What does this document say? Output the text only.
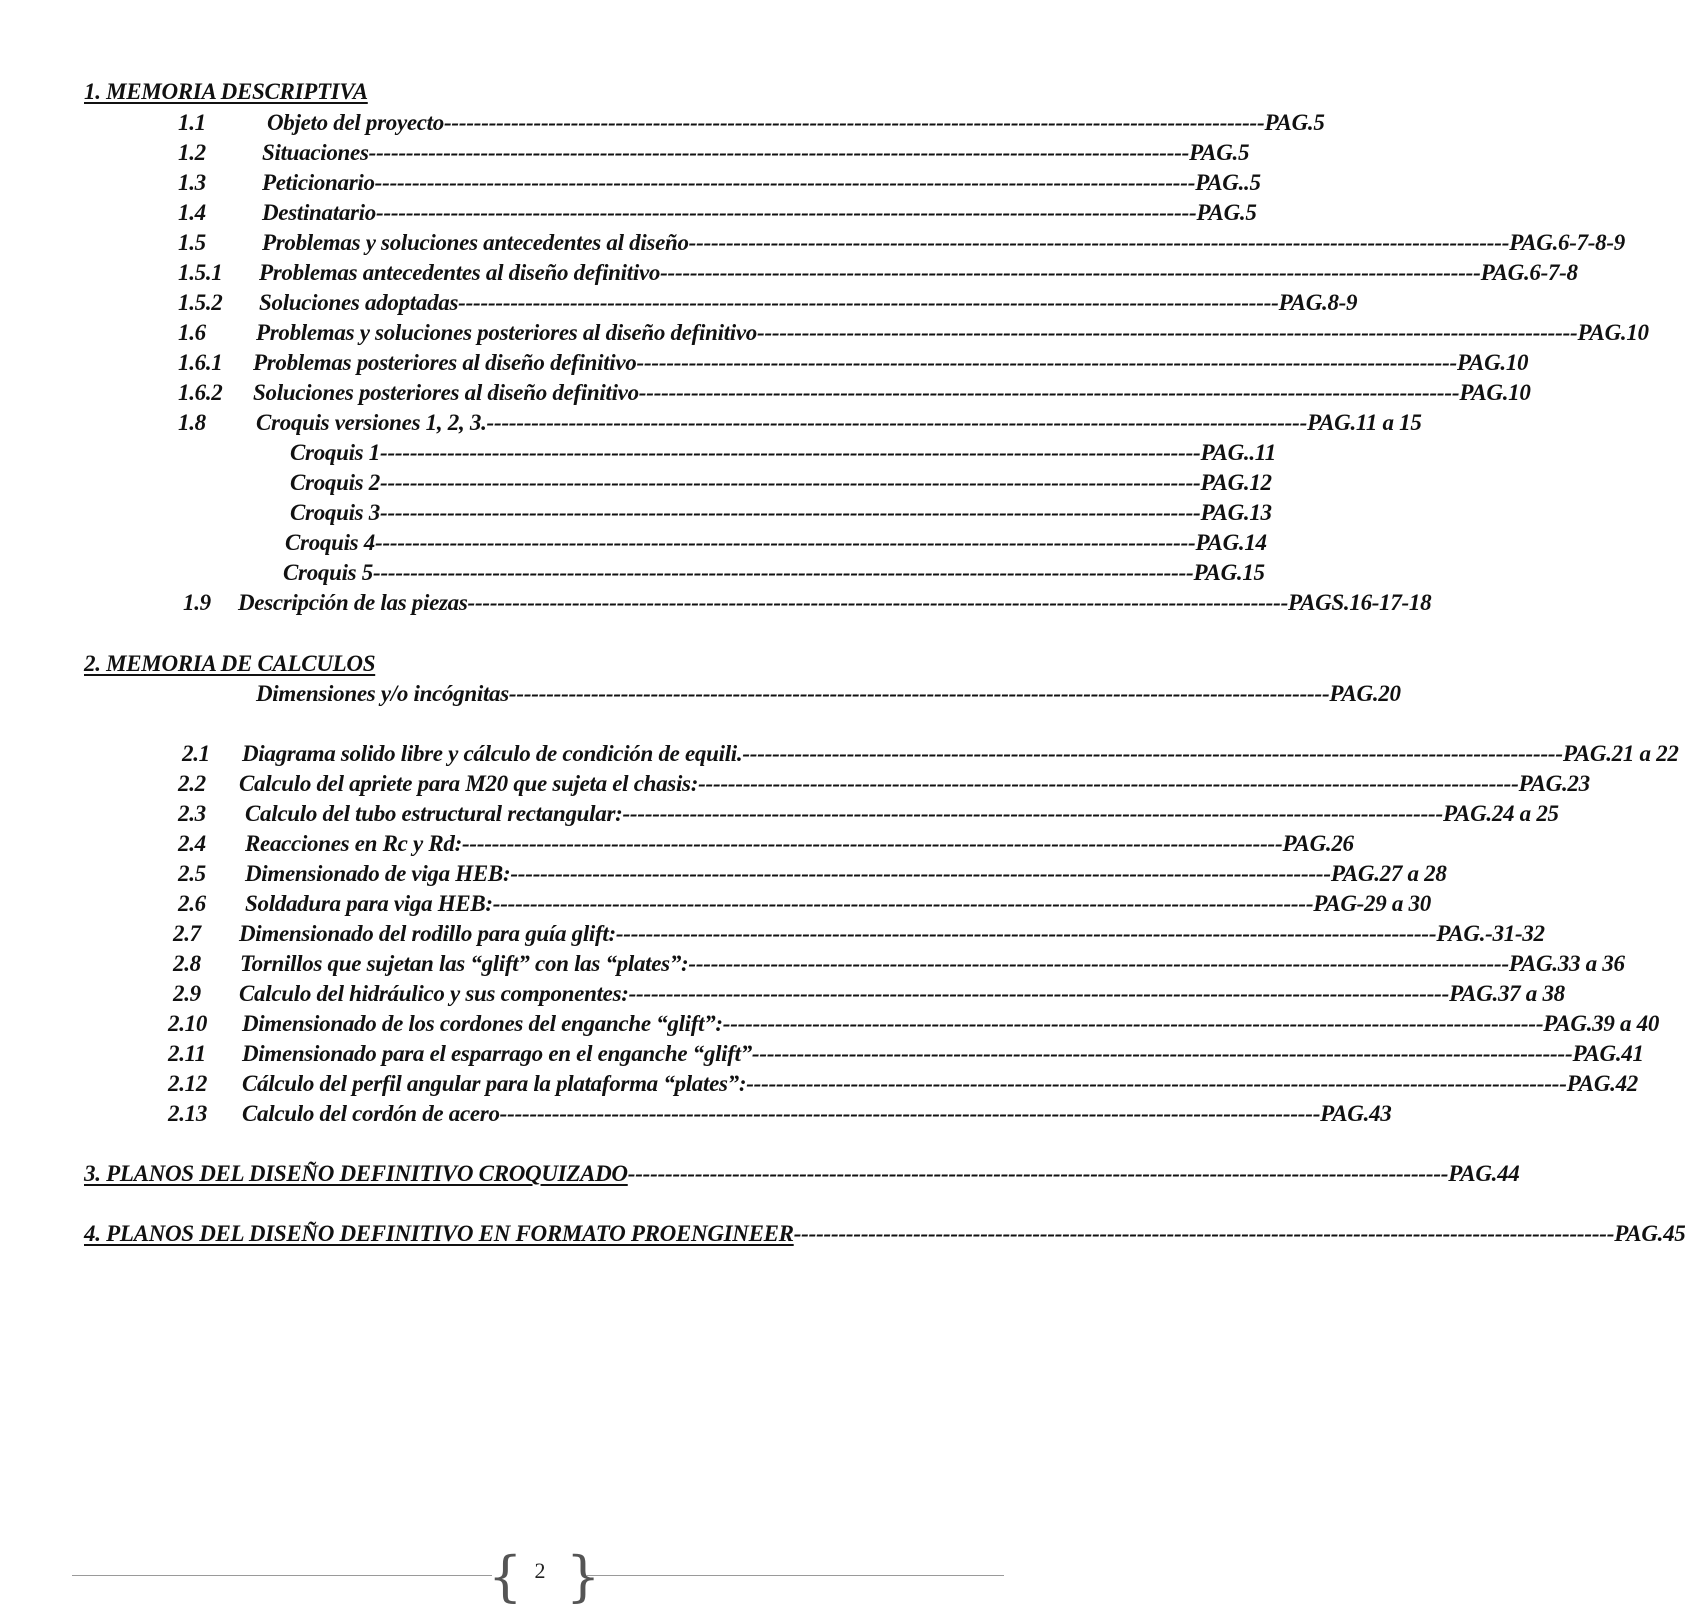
1. MEMORIA DESCRIPTIVA
1.1	Objeto del proyecto -------------------------------------------------------------------------------------------------------------- PAG.5
1.2 Situaciones -------------------------------------------------------------------------------------------------------------- PAG.5
1.3 Peticionario -------------------------------------------------------------------------------------------------------------- PAG..5
1.4 Destinatario -------------------------------------------------------------------------------------------------------------- PAG.5
1.5 Problemas y soluciones antecedentes al diseño -------------------------------------------------------------------------------------------------------------- PAG.6-7-8-9
1.5.1 Problemas antecedentes al diseño definitivo -------------------------------------------------------------------------------------------------------------- PAG.6-7-8
1.5.2 Soluciones adoptadas -------------------------------------------------------------------------------------------------------------- PAG.8-9
1.6 Problemas y soluciones posteriores al diseño definitivo -------------------------------------------------------------------------------------------------------------- PAG.10
1.6.1 Problemas posteriores al diseño definitivo -------------------------------------------------------------------------------------------------------------- PAG.10
1.6.2 Soluciones posteriores al diseño definitivo -------------------------------------------------------------------------------------------------------------- PAG.10
1.8 Croquis versiones 1, 2, 3. -------------------------------------------------------------------------------------------------------------- PAG.11 a 15
Croquis 1 -------------------------------------------------------------------------------------------------------------- PAG..11
Croquis 2 -------------------------------------------------------------------------------------------------------------- PAG.12
Croquis 3 -------------------------------------------------------------------------------------------------------------- PAG.13
Croquis 4 -------------------------------------------------------------------------------------------------------------- PAG.14
Croquis 5 -------------------------------------------------------------------------------------------------------------- PAG.15
1.9 Descripción de las piezas -------------------------------------------------------------------------------------------------------------- PAGS.16-17-18
2. MEMORIA DE CALCULOS
Dimensiones y/o incógnitas -------------------------------------------------------------------------------------------------------------- PAG.20
2.1 Diagrama solido libre y cálculo de condición de equili. -------------------------------------------------------------------------------------------------------------- PAG.21 a 22
2.2 Calculo del apriete para M20 que sujeta el chasis: -------------------------------------------------------------------------------------------------------------- PAG.23
2.3 Calculo del tubo estructural rectangular: -------------------------------------------------------------------------------------------------------------- PAG.24 a 25
2.4 Reacciones en Rc y Rd: -------------------------------------------------------------------------------------------------------------- PAG.26
2.5 Dimensionado de viga HEB: -------------------------------------------------------------------------------------------------------------- PAG.27 a 28
2.6 Soldadura para viga HEB: -------------------------------------------------------------------------------------------------------------- PAG-29 a 30
2.7 Dimensionado del rodillo para guía glift: -------------------------------------------------------------------------------------------------------------- PAG.-31-32
2.8 Tornillos que sujetan las “glift” con las “plates”: -------------------------------------------------------------------------------------------------------------- PAG.33 a 36
2.9 Calculo del hidráulico y sus componentes: -------------------------------------------------------------------------------------------------------------- PAG.37 a 38
2.10 Dimensionado de los cordones del enganche “glift”: -------------------------------------------------------------------------------------------------------------- PAG.39 a 40
2.11 Dimensionado para el esparrago en el enganche “glift” -------------------------------------------------------------------------------------------------------------- PAG.41
2.12 Cálculo del perfil angular para la plataforma “plates”: -------------------------------------------------------------------------------------------------------------- PAG.42
2.13 Calculo del cordón de acero -------------------------------------------------------------------------------------------------------------- PAG.43
3. PLANOS DEL DISEÑO DEFINITIVO CROQUIZADO -------------------------------------------------------------------------------------------------------------- PAG.44
4. PLANOS DEL DISEÑO DEFINITIVO EN FORMATO PROENGINEER -------------------------------------------------------------------------------------------------------------- PAG.45
{ 2 }
